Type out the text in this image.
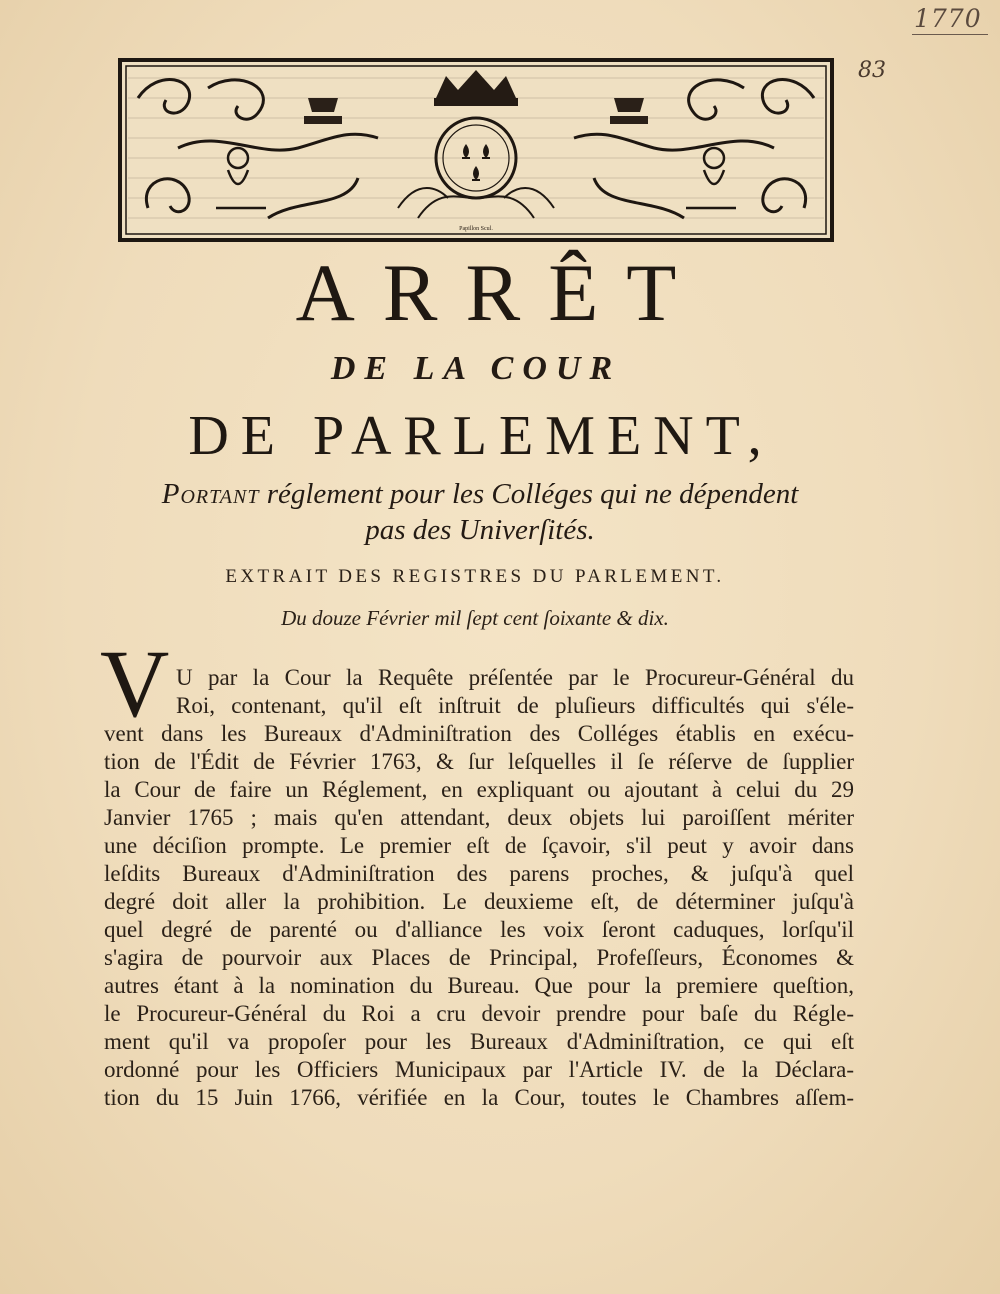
1770
83
Papillon Scul.
ARRÊT
DE LA COUR
DE PARLEMENT,
Portant réglement pour les Colléges qui ne dépendent
pas des Univerſités.
EXTRAIT DES REGISTRES DU PARLEMENT.
Du douze Février mil ſept cent ſoixante & dix.
V U par la Cour la Requête préſentée par le Procureur-Général du
Roi, contenant, qu'il eſt inſtruit de pluſieurs difficultés qui s'éle-
vent dans les Bureaux d'Adminiſtration des Colléges établis en exécu-
tion de l'Édit de Février 1763, & ſur leſquelles il ſe réſerve de ſupplier
la Cour de faire un Réglement, en expliquant ou ajoutant à celui du 29
Janvier 1765 ; mais qu'en attendant, deux objets lui paroiſſent mériter
une déciſion prompte. Le premier eſt de ſçavoir, s'il peut y avoir dans
leſdits Bureaux d'Adminiſtration des parens proches, & juſqu'à quel
degré doit aller la prohibition. Le deuxieme eſt, de déterminer juſqu'à
quel degré de parenté ou d'alliance les voix ſeront caduques, lorſqu'il
s'agira de pourvoir aux Places de Principal, Profeſſeurs, Économes &
autres étant à la nomination du Bureau. Que pour la premiere queſtion,
le Procureur-Général du Roi a cru devoir prendre pour baſe du Régle-
ment qu'il va propoſer pour les Bureaux d'Adminiſtration, ce qui eſt
ordonné pour les Officiers Municipaux par l'Article IV. de la Déclara-
tion du 15 Juin 1766, vérifiée en la Cour, toutes le Chambres aſſem-
